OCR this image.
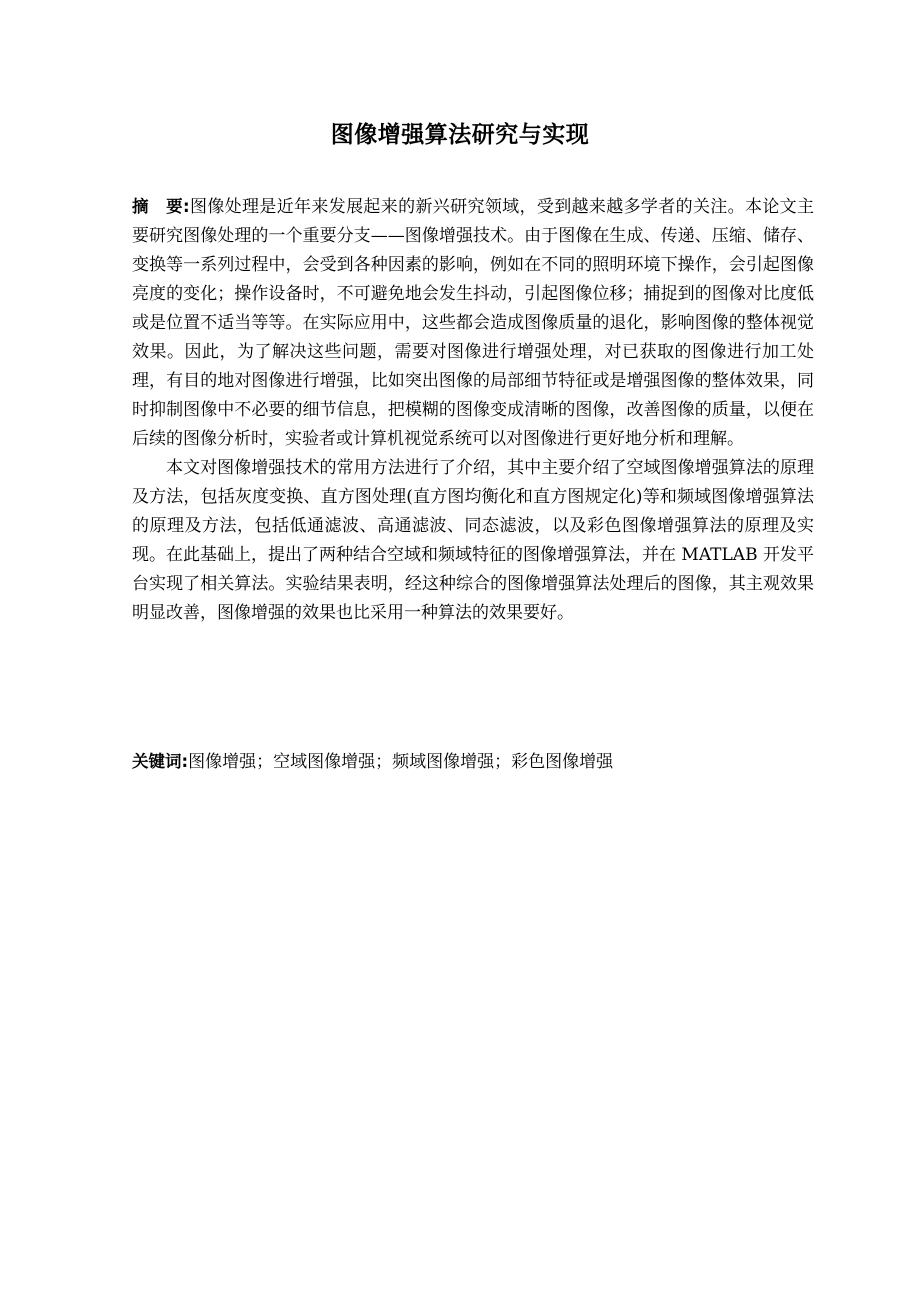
图像增强算法研究与实现

摘 要:图像处理是近年来发展起来的新兴研究领域，受到越来越多学者的关注。本论文主要研究图像处理的一个重要分支——图像增强技术。由于图像在生成、传递、压缩、储存、变换等一系列过程中，会受到各种因素的影响，例如在不同的照明环境下操作，会引起图像亮度的变化；操作设备时，不可避免地会发生抖动，引起图像位移；捕捉到的图像对比度低或是位置不适当等等。在实际应用中，这些都会造成图像质量的退化，影响图像的整体视觉效果。因此，为了解决这些问题，需要对图像进行增强处理，对已获取的图像进行加工处理，有目的地对图像进行增强，比如突出图像的局部细节特征或是增强图像的整体效果，同时抑制图像中不必要的细节信息，把模糊的图像变成清晰的图像，改善图像的质量，以便在后续的图像分析时，实验者或计算机视觉系统可以对图像进行更好地分析和理解。

本文对图像增强技术的常用方法进行了介绍，其中主要介绍了空域图像增强算法的原理及方法，包括灰度变换、直方图处理(直方图均衡化和直方图规定化)等和频域图像增强算法的原理及方法，包括低通滤波、高通滤波、同态滤波，以及彩色图像增强算法的原理及实现。在此基础上，提出了两种结合空域和频域特征的图像增强算法，并在 MATLAB 开发平台实现了相关算法。实验结果表明，经这种综合的图像增强算法处理后的图像，其主观效果明显改善，图像增强的效果也比采用一种算法的效果要好。

关键词:图像增强；空域图像增强；频域图像增强；彩色图像增强
